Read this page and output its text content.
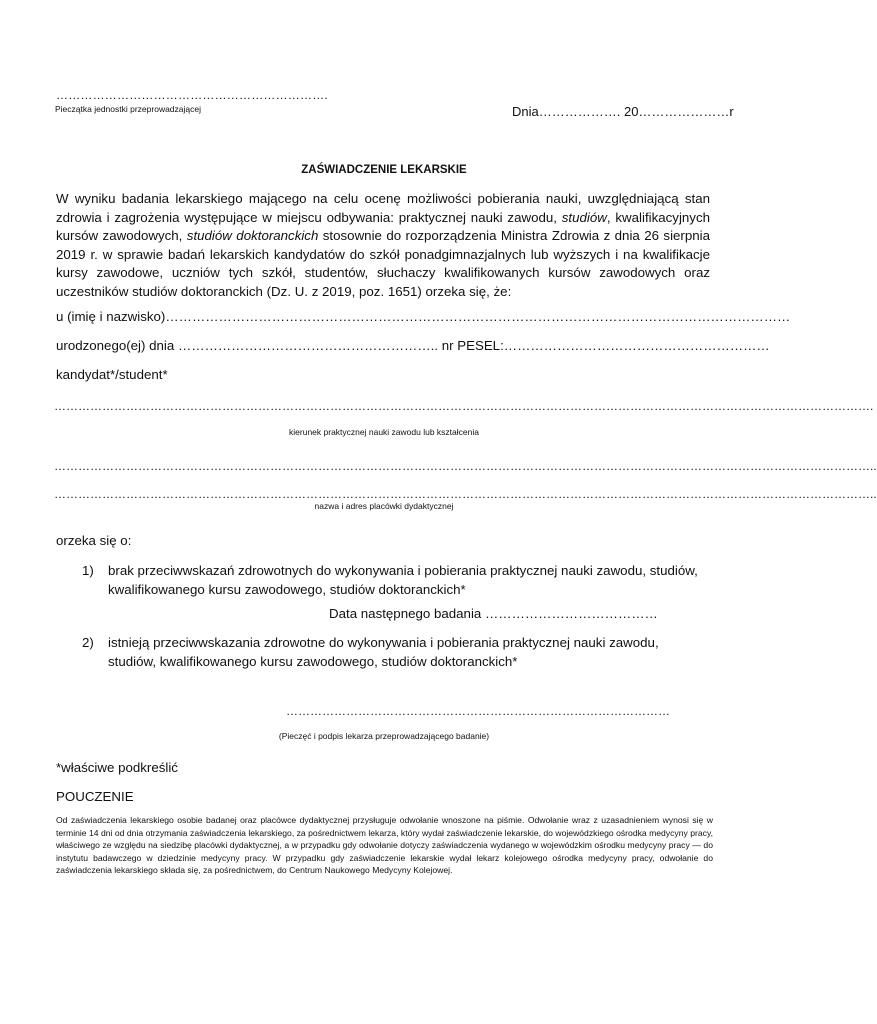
………………………………………………………….
Pieczątka jednostki przeprowadzającej	Dnia………………. 20…………………r
ZAŚWIADCZENIE LEKARSKIE
W wyniku badania lekarskiego mającego na celu ocenę możliwości pobierania nauki, uwzględniającą stan zdrowia i zagrożenia występujące w miejscu odbywania: praktycznej nauki zawodu, studiów, kwalifikacyjnych kursów zawodowych, studiów doktoranckich stosownie do rozporządzenia Ministra Zdrowia z dnia 26 sierpnia 2019 r. w sprawie badań lekarskich kandydatów do szkół ponadgimnazjalnych lub wyższych i na kwalifikacje kursy zawodowe, uczniów tych szkół, studentów, słuchaczy kwalifikowanych kursów zawodowych oraz uczestników studiów doktoranckich (Dz. U. z 2019, poz. 1651) orzeka się, że:
u (imię i nazwisko)……………………………………………………………………………………………………………………………
urodzonego(ej) dnia ………………………………………………….. nr PESEL:……………………………………………………
kandydat*/student*
…………………………………………………………………………………………………………………………………………………………………………………….
kierunek praktycznej nauki zawodu lub kształcenia
……………………………………………………………………………………………………………………………………………………………………………………..
……………………………………………………………………………………………………………………………………………………………………………………..
nazwa i adres placówki dydaktycznej
orzeka się o:
1) brak przeciwwskazań zdrowotnych do wykonywania i pobierania praktycznej nauki zawodu, studiów, kwalifikowanego kursu zawodowego, studiów doktoranckich*
Data następnego badania …………………………………
2) istnieją przeciwwskazania zdrowotne do wykonywania i pobierania praktycznej nauki zawodu, studiów, kwalifikowanego kursu zawodowego, studiów doktoranckich*
……………………………………………………………………………………
(Pieczęć i podpis lekarza przeprowadzającego badanie)
*właściwe podkreślić
POUCZENIE
Od zaświadczenia lekarskiego osobie badanej oraz placówce dydaktycznej przysługuje odwołanie wnoszone na piśmie. Odwołanie wraz z uzasadnieniem wynosi się w terminie 14 dni od dnia otrzymania zaświadczenia lekarskiego, za pośrednictwem lekarza, który wydał zaświadczenie lekarskie, do wojewódzkiego ośrodka medycyny pracy, właściwego ze względu na siedzibę placówki dydaktycznej, a w przypadku gdy odwołanie dotyczy zaświadczenia wydanego w wojewódzkim ośrodku medycyny pracy — do instytutu badawczego w dziedzinie medycyny pracy. W przypadku gdy zaświadczenie lekarskie wydał lekarz kolejowego ośrodka medycyny pracy, odwołanie do zaświadczenia lekarskiego składa się, za pośrednictwem, do Centrum Naukowego Medycyny Kolejowej.
